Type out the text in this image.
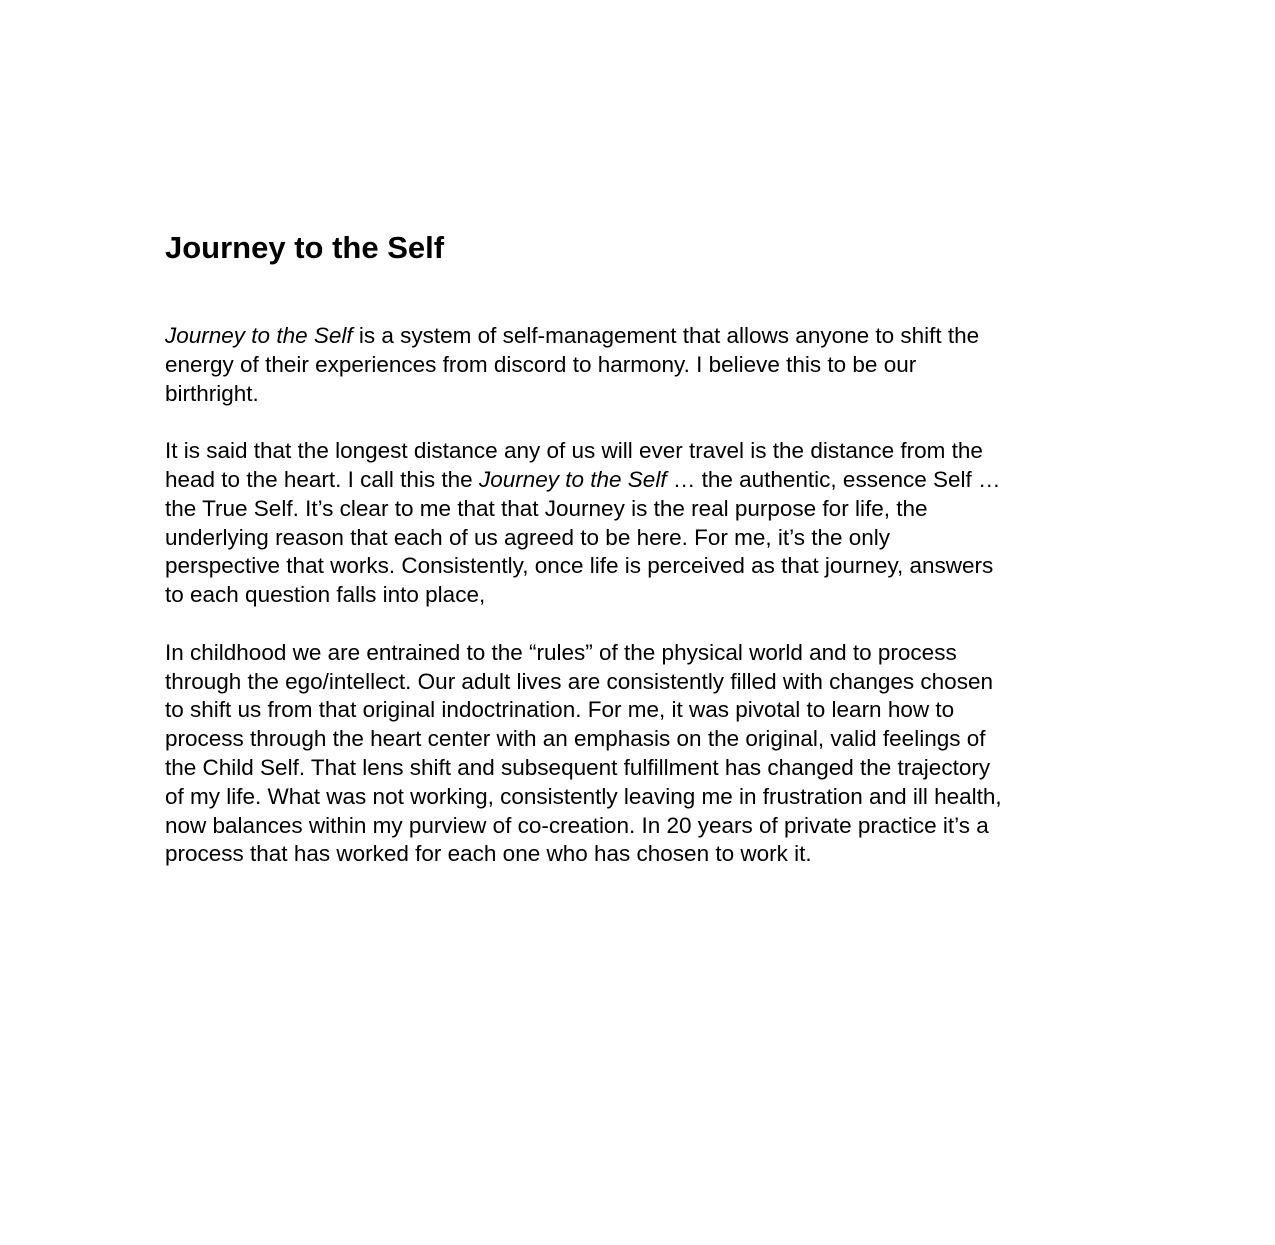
Journey to the Self

Journey to the Self is a system of self-management that allows anyone to shift the
energy of their experiences from discord to harmony. I believe this to be our
birthright.

It is said that the longest distance any of us will ever travel is the distance from the
head to the heart. I call this the Journey to the Self … the authentic, essence Self …
the True Self. It’s clear to me that that Journey is the real purpose for life, the
underlying reason that each of us agreed to be here. For me, it’s the only
perspective that works. Consistently, once life is perceived as that journey, answers
to each question falls into place,

In childhood we are entrained to the “rules” of the physical world and to process
through the ego/intellect. Our adult lives are consistently filled with changes chosen
to shift us from that original indoctrination. For me, it was pivotal to learn how to
process through the heart center with an emphasis on the original, valid feelings of
the Child Self. That lens shift and subsequent fulfillment has changed the trajectory
of my life. What was not working, consistently leaving me in frustration and ill health,
now balances within my purview of co-creation. In 20 years of private practice it’s a
process that has worked for each one who has chosen to work it.
